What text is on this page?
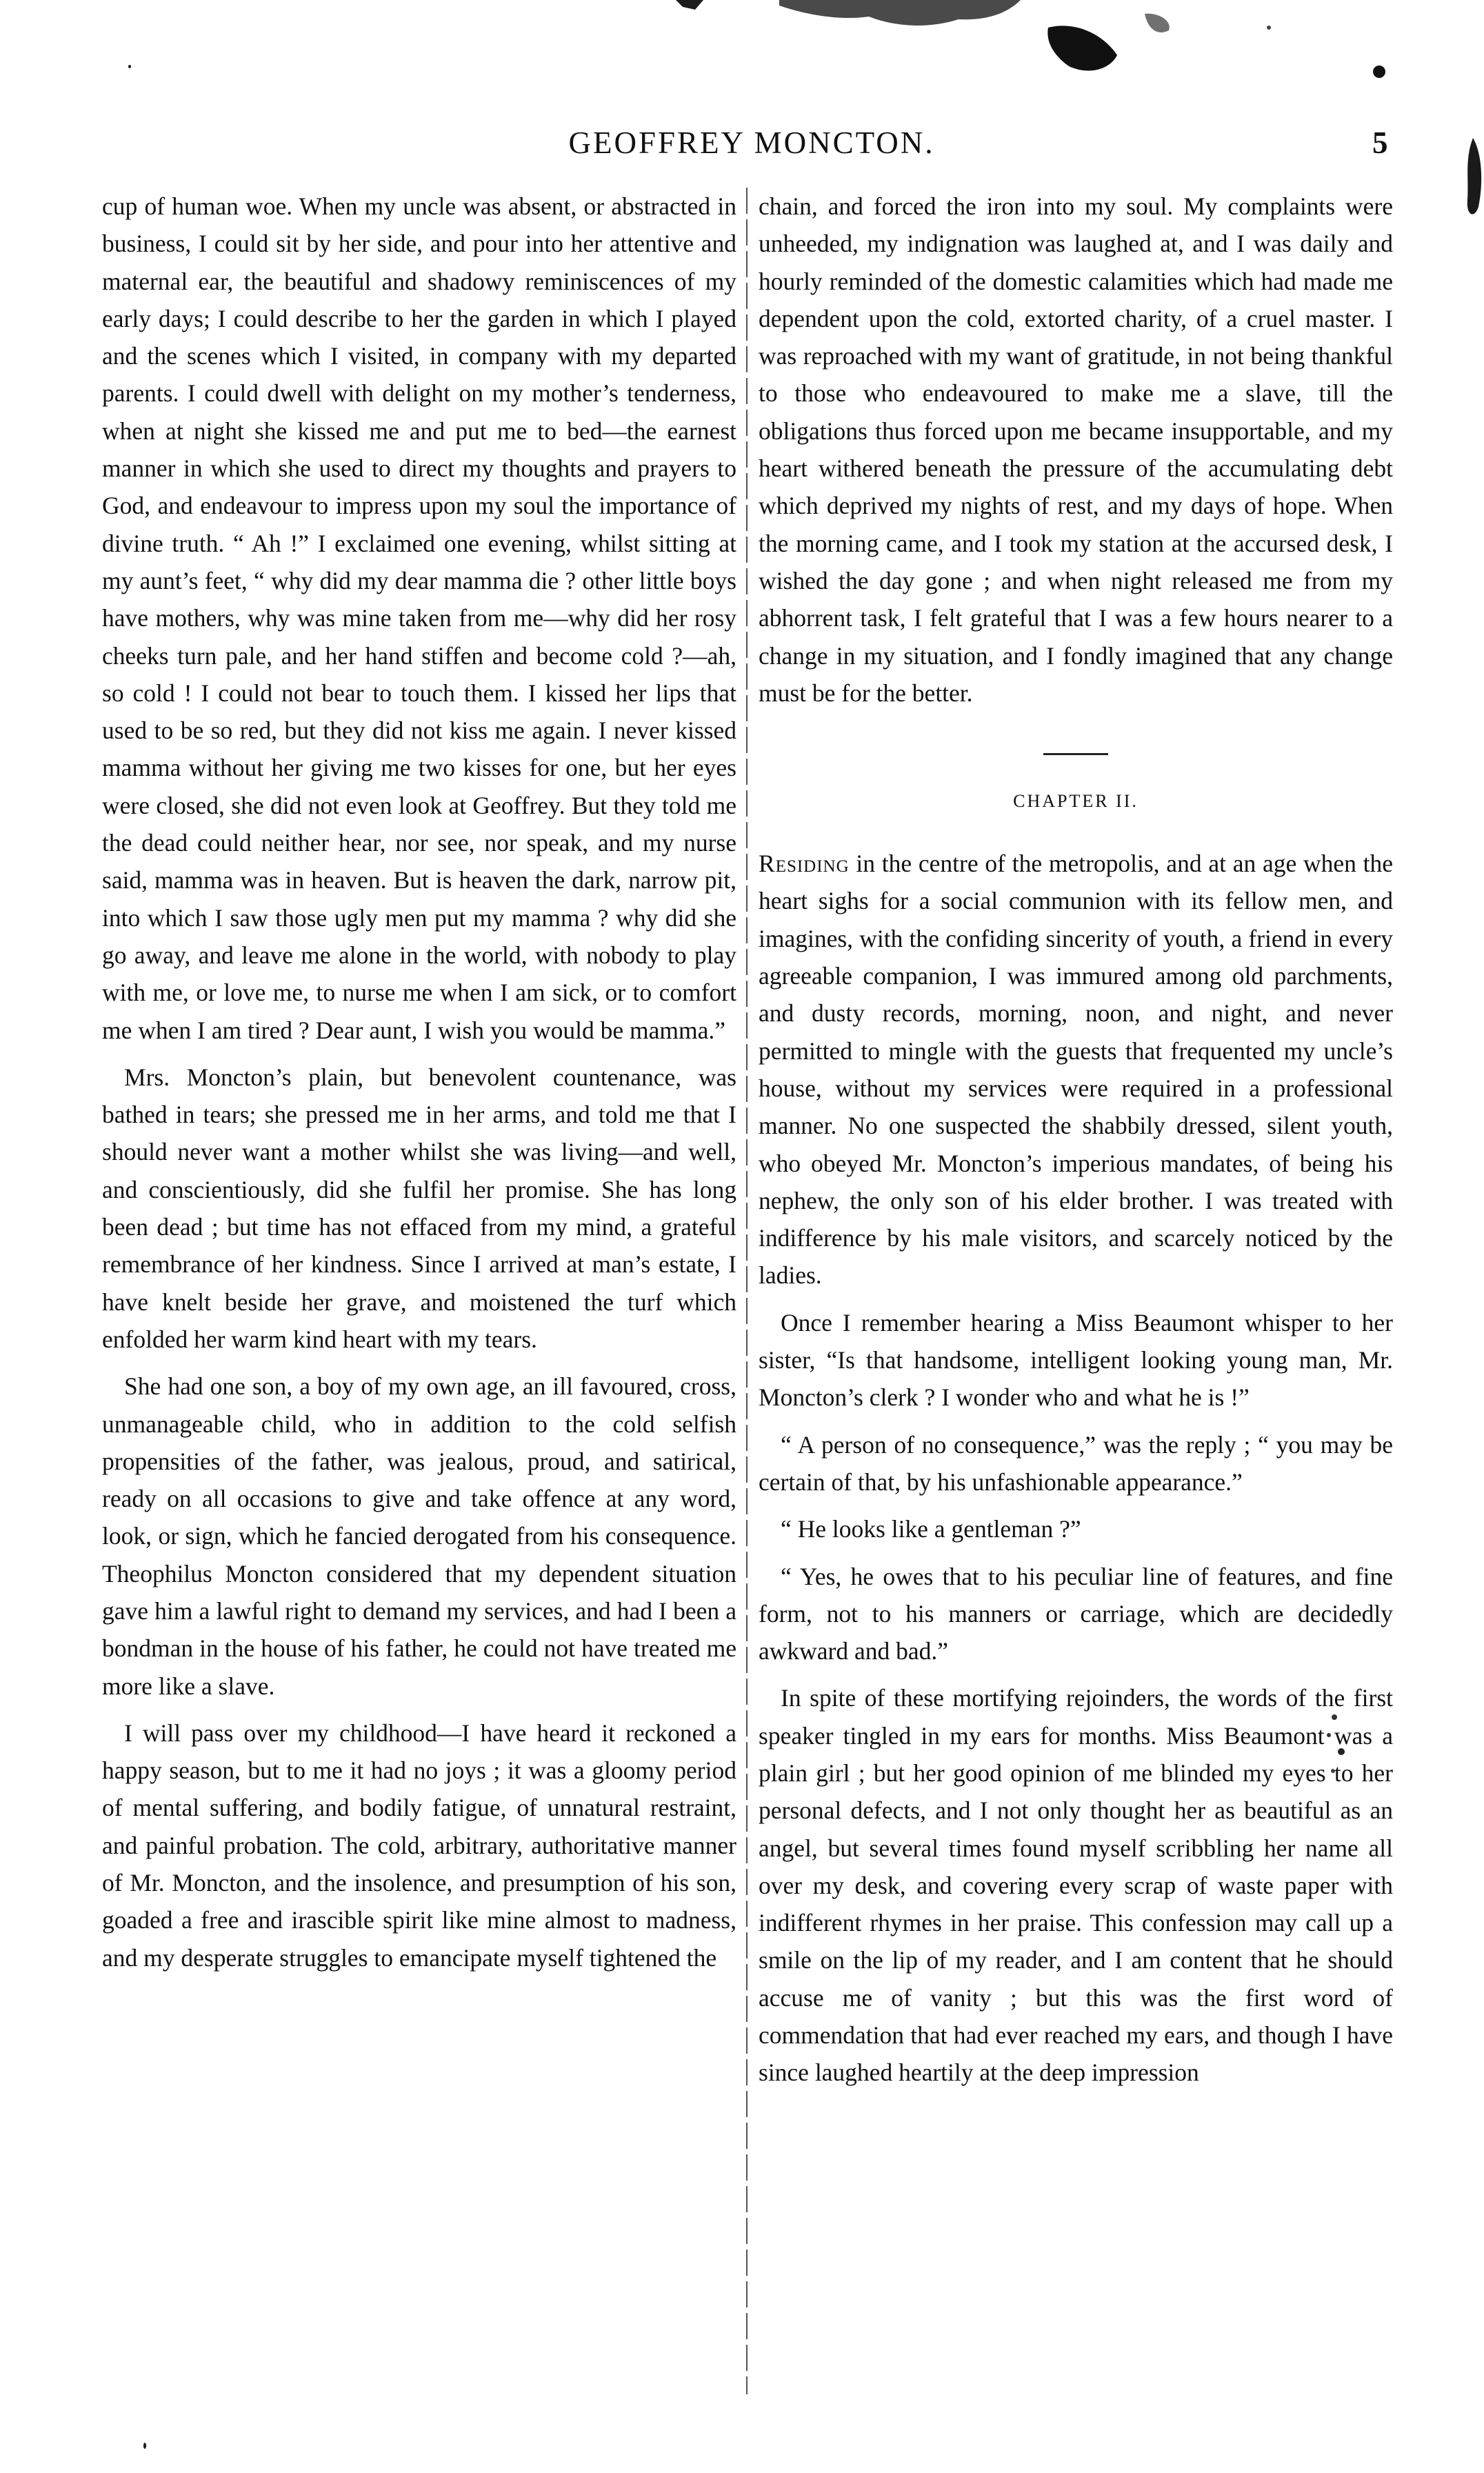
GEOFFREY MONCTON.	5

cup of human woe. When my uncle was absent, or abstracted in business, I could sit by her side, and pour into her attentive and maternal ear, the beautiful and shadowy reminiscences of my early days; I could describe to her the garden in which I played and the scenes which I visited, in company with my departed parents. I could dwell with delight on my mother’s tenderness, when at night she kissed me and put me to bed—the earnest manner in which she used to direct my thoughts and prayers to God, and endeavour to impress upon my soul the importance of divine truth. “ Ah !” I exclaimed one evening, whilst sitting at my aunt’s feet, “ why did my dear mamma die ? other little boys have mothers, why was mine taken from me—why did her rosy cheeks turn pale, and her hand stiffen and become cold ?—ah, so cold ! I could not bear to touch them. I kissed her lips that used to be so red, but they did not kiss me again. I never kissed mamma without her giving me two kisses for one, but her eyes were closed, she did not even look at Geoffrey. But they told me the dead could neither hear, nor see, nor speak, and my nurse said, mamma was in heaven. But is heaven the dark, narrow pit, into which I saw those ugly men put my mamma ? why did she go away, and leave me alone in the world, with nobody to play with me, or love me, to nurse me when I am sick, or to comfort me when I am tired ? Dear aunt, I wish you would be mamma.”

Mrs. Moncton’s plain, but benevolent countenance, was bathed in tears; she pressed me in her arms, and told me that I should never want a mother whilst she was living—and well, and conscientiously, did she fulfil her promise. She has long been dead ; but time has not effaced from my mind, a grateful remembrance of her kindness. Since I arrived at man’s estate, I have knelt beside her grave, and moistened the turf which enfolded her warm kind heart with my tears.

She had one son, a boy of my own age, an ill favoured, cross, unmanageable child, who in addition to the cold selfish propensities of the father, was jealous, proud, and satirical, ready on all occasions to give and take offence at any word, look, or sign, which he fancied derogated from his consequence. Theophilus Moncton considered that my dependent situation gave him a lawful right to demand my services, and had I been a bondman in the house of his father, he could not have treated me more like a slave.

I will pass over my childhood—I have heard it reckoned a happy season, but to me it had no joys ; it was a gloomy period of mental suffering, and bodily fatigue, of unnatural restraint, and painful probation. The cold, arbitrary, authoritative manner of Mr. Moncton, and the insolence, and presumption of his son, goaded a free and irascible spirit like mine almost to madness, and my desperate struggles to emancipate myself tightened the

chain, and forced the iron into my soul. My complaints were unheeded, my indignation was laughed at, and I was daily and hourly reminded of the domestic calamities which had made me dependent upon the cold, extorted charity, of a cruel master. I was reproached with my want of gratitude, in not being thankful to those who endeavoured to make me a slave, till the obligations thus forced upon me became insupportable, and my heart withered beneath the pressure of the accumulating debt which deprived my nights of rest, and my days of hope. When the morning came, and I took my station at the accursed desk, I wished the day gone ; and when night released me from my abhorrent task, I felt grateful that I was a few hours nearer to a change in my situation, and I fondly imagined that any change must be for the better.

CHAPTER II.

Residing in the centre of the metropolis, and at an age when the heart sighs for a social communion with its fellow men, and imagines, with the confiding sincerity of youth, a friend in every agreeable companion, I was immured among old parchments, and dusty records, morning, noon, and night, and never permitted to mingle with the guests that frequented my uncle’s house, without my services were required in a professional manner. No one suspected the shabbily dressed, silent youth, who obeyed Mr. Moncton’s imperious mandates, of being his nephew, the only son of his elder brother. I was treated with indifference by his male visitors, and scarcely noticed by the ladies.

Once I remember hearing a Miss Beaumont whisper to her sister, “Is that handsome, intelligent looking young man, Mr. Moncton’s clerk ? I wonder who and what he is !”

“ A person of no consequence,” was the reply ; “ you may be certain of that, by his unfashionable appearance.”

“ He looks like a gentleman ?”

“ Yes, he owes that to his peculiar line of features, and fine form, not to his manners or carriage, which are decidedly awkward and bad.”

In spite of these mortifying rejoinders, the words of the first speaker tingled in my ears for months. Miss Beaumont was a plain girl ; but her good opinion of me blinded my eyes to her personal defects, and I not only thought her as beautiful as an angel, but several times found myself scribbling her name all over my desk, and covering every scrap of waste paper with indifferent rhymes in her praise. This confession may call up a smile on the lip of my reader, and I am content that he should accuse me of vanity ; but this was the first word of commendation that had ever reached my ears, and though I have since laughed heartily at the deep impression
